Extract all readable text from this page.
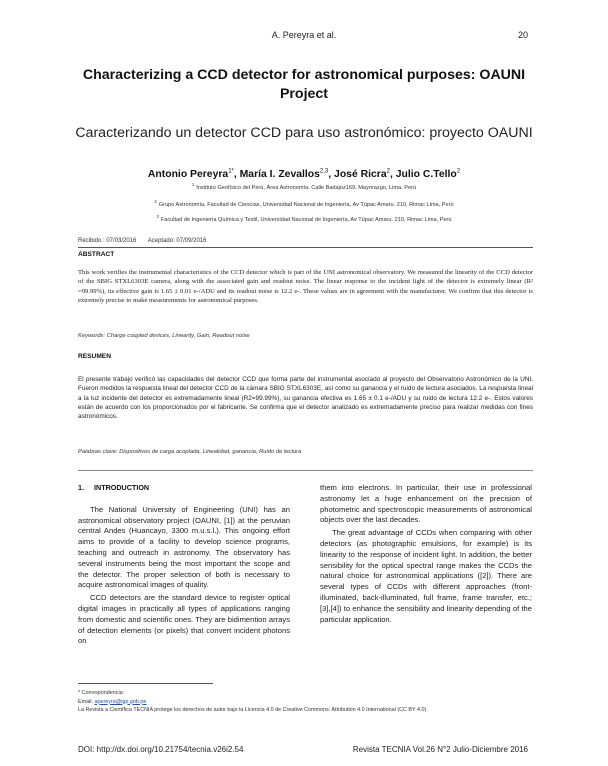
A. Pereyra et al.	20
Characterizing a CCD detector for astronomical purposes: OAUNI Project
Caracterizando un detector CCD para uso astronómico: proyecto OAUNI
Antonio Pereyra$^{1*}$, María I. Zevallos$^{2,3}$, José Ricra$^2$, Julio C.Tello$^2$
$^1$Instituto Geofísico del Perú, Área Astronomía, Calle Badajoz169, Mayorazgo, Lima, Perú
$^2$Grupo Astronomía, Facultad de Ciencias, Universidad Nacional de Ingeniería, Av Túpac Amaru. 210, Rimac Lima, Perú
$^3$Facultad de Ingeniería Química y Textil, Universidad Nacional de Ingeniería, Av Túpac Amaru. 210, Rimac Lima, Perú
Recibido : 07/03/2016 Aceptado: 07/09/2016
ABSTRACT

This work verifies the instrumental characteristics of the CCD detector which is part of the UNI astronomical observatory. We measured the linearity of the CCD detector of the SBIG STXL6303E camera, along with the associated gain and readout noise. The linear response to the incident light of the detector is extremely linear (R² =99.99%), its effective gain is 1.65 ± 0.01 e-/ADU and its readout noise is 12.2 e-. These values are in agreement with the manufacturer. We confirm that this detector is extremely precise to make measurements for astronomical purposes.

Keywords: Charge coupled devices, Linearity, Gain, Readout noise

RESUMEN

El presente trabajo verificó las capacidades del detector CCD que forma parte del instrumental asociado al proyecto del Observatorio Astronómico de la UNI. Fueron medidos la respuesta lineal del detector CCD de la cámara SBIG STXL6303E, así como su ganancia y el ruido de lectura asociados. La respuesta lineal a la luz incidente del detector es extremadamente lineal (R2=99.99%), su ganancia efectiva es 1.65 ± 0.1 e-/ADU y su ruido de lectura 12.2 e-. Estos valores están de acuerdo con los proporcionados por el fabricante. Se confirma que el detector analizado es extremadamente preciso para realizar medidas con fines astronómicos.

Palabras clave: Dispositivos de carga acoplada, Linealidad, ganancia, Ruido de lectura

1. INTRODUCTION

The National University of Engineering (UNI) has an astronomical observatory project (OAUNI, [1]) at the peruvian central Andes (Huancayo, 3300 m.u.s.l.). This ongoing effort aims to provide of a facility to develop science programs, teaching and outreach in astronomy. The observatory has several instruments being the most important the scope and the detector. The proper selection of both is necessary to acquire astronomical images of quality.

CCD detectors are the standard device to register optical digital images in practically all types of applications ranging from domestic and scientific ones. They are bidimention arrays of detection elements (or pixels) that convert incident photons on

them into electrons. In particular, their use in professional astronomy let a huge enhancement on the precision of photometric and spectroscopic measurements of astronomical objects over the last decades.

The great advantage of CCDs when comparing with other detectors (as photographic emulsions, for example) is its linearity to the response of incident light. In addition, the better sensibility for the optical spectral range makes the CCDs the natural choice for astronomical applications ([2]). There are several types of CCDs with different approaches (front-illuminated, back-illuminated, full frame, frame transfer, etc.; [3],[4]) to enhance the sensibility and linearity depending of the particular application.

* Correspondencia:
Email: apereyra@igp.gob.pe
La Revista a Científica TECNIA protege los derechos de autor bajo la Licencia 4.0 de Creative Commons: Attribution 4.0 International (CC BY 4.0).
DOI: http://dx.doi.org/10.21754/tecnia.v26i2.54	Revista TECNIA Vol.26 N°2 Julio-Diciembre 2016
